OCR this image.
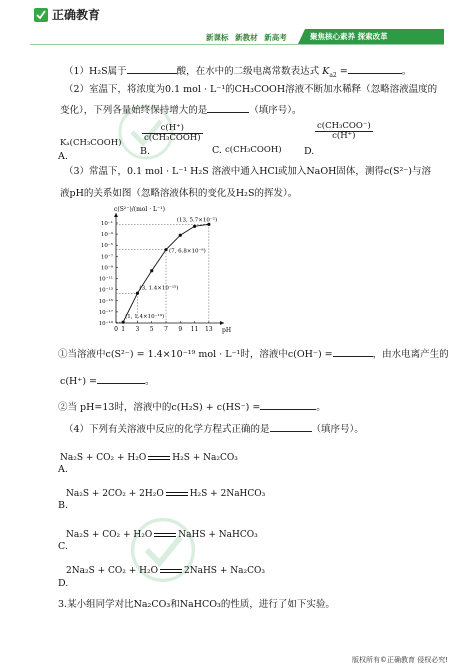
正确教育
新课标 新教材 新高考	聚焦核心素养 探索改革
（1）H₂S属于	酸，在水中的二级电离常数表达式 $K_{a2}$ =	。
（2）室温下，将浓度为0.1 mol · L⁻¹的CH₃COOH溶液不断加水稀释（忽略溶液温度的
变化），下列各量始终保持增大的是	（填序号）。
Kₐ(CH₃COOH)
A.
$\frac{c(H^+)}{\text{c(CH₃COOH)}}$
B.	C. c(CH₃COOH)
$\frac{\text{c(CH₃COO⁻)}}{c(H^+)}$
D.
（3）常温下，0.1 mol · L⁻¹ H₂S 溶液中通入HCl或加入NaOH固体，测得c(S²⁻)与溶
液pH的关系如图（忽略溶液体积的变化及H₂S的挥发）。
c(S²⁻)/(mol · L⁻¹)
pH
10⁻¹
10⁻³
10⁻⁵
10⁻⁷
10⁻⁹
10⁻¹¹
10⁻¹³
10⁻¹⁵
10⁻¹⁷
10⁻¹⁹
0 1 3 5 7 9 11 13
(1, 1.4×10⁻¹⁹)
(3, 1.4×10⁻¹⁵)
(7, 6.8×10⁻⁸)
(13, 5.7×10⁻²)
①当溶液中c(S²⁻) = 1.4×10⁻¹⁹ mol · L⁻¹时，溶液中c(OH⁻) =	，由水电离产生的
c(H⁺) =	。
②当 pH=13时，溶液中的c(H₂S) + c(HS⁻) =	。
（4）下列有关溶液中反应的化学方程式正确的是	（填序号）。
Na₂S + CO₂ + H₂O	H₂S + Na₂CO₃
A.
Na₂S + 2CO₂ + 2H₂O	H₂S + 2NaHCO₃
B.
Na₂S + CO₂ + H₂O	NaHS + NaHCO₃
C.
2Na₂S + CO₂ + H₂O	2NaHS + Na₂CO₃
D.
3.某小组同学对比Na₂CO₃和NaHCO₃的性质，进行了如下实验。
版权所有©正确教育 侵权必究!
